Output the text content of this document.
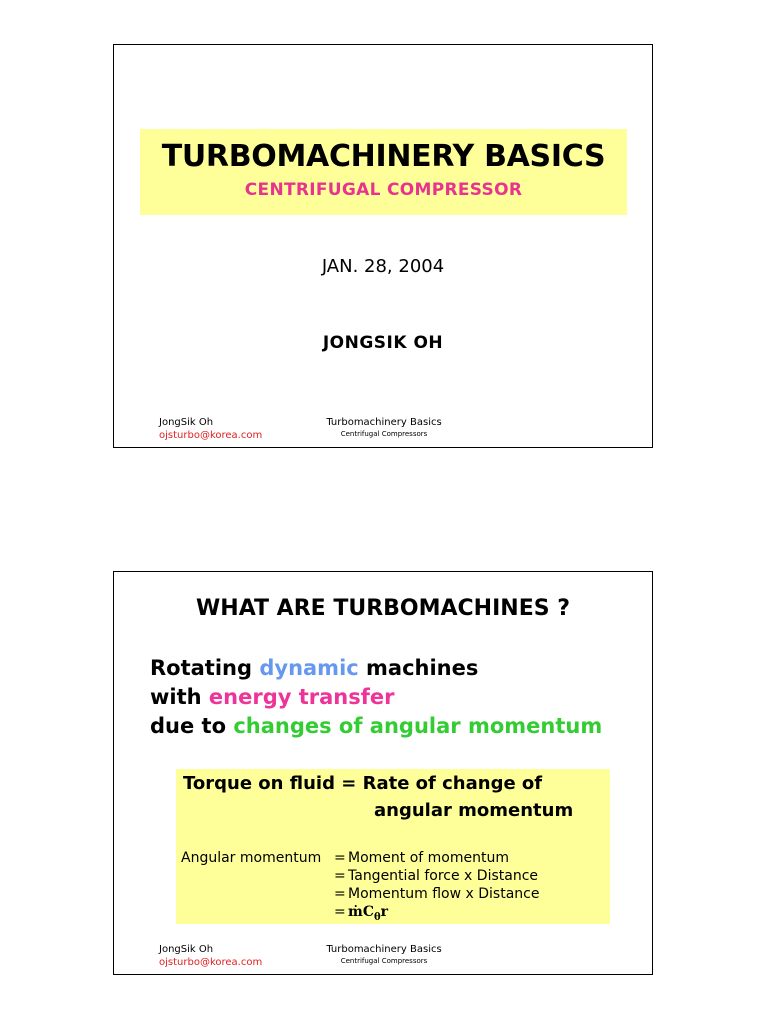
TURBOMACHINERY BASICS
CENTRIFUGAL COMPRESSOR
JAN. 28, 2004
JONGSIK OH
JongSik Oh
ojsturbo@korea.com
Turbomachinery Basics
Centrifugal Compressors
WHAT ARE TURBOMACHINES ?
Rotating dynamic machines
with energy transfer
due to changes of angular momentum
Torque on fluid = Rate of change of
angular momentum
Angular momentum = Moment of momentum
= Tangential force x Distance
= Momentum flow x Distance
= ṁC$_\theta$r
JongSik Oh
ojsturbo@korea.com
Turbomachinery Basics
Centrifugal Compressors
